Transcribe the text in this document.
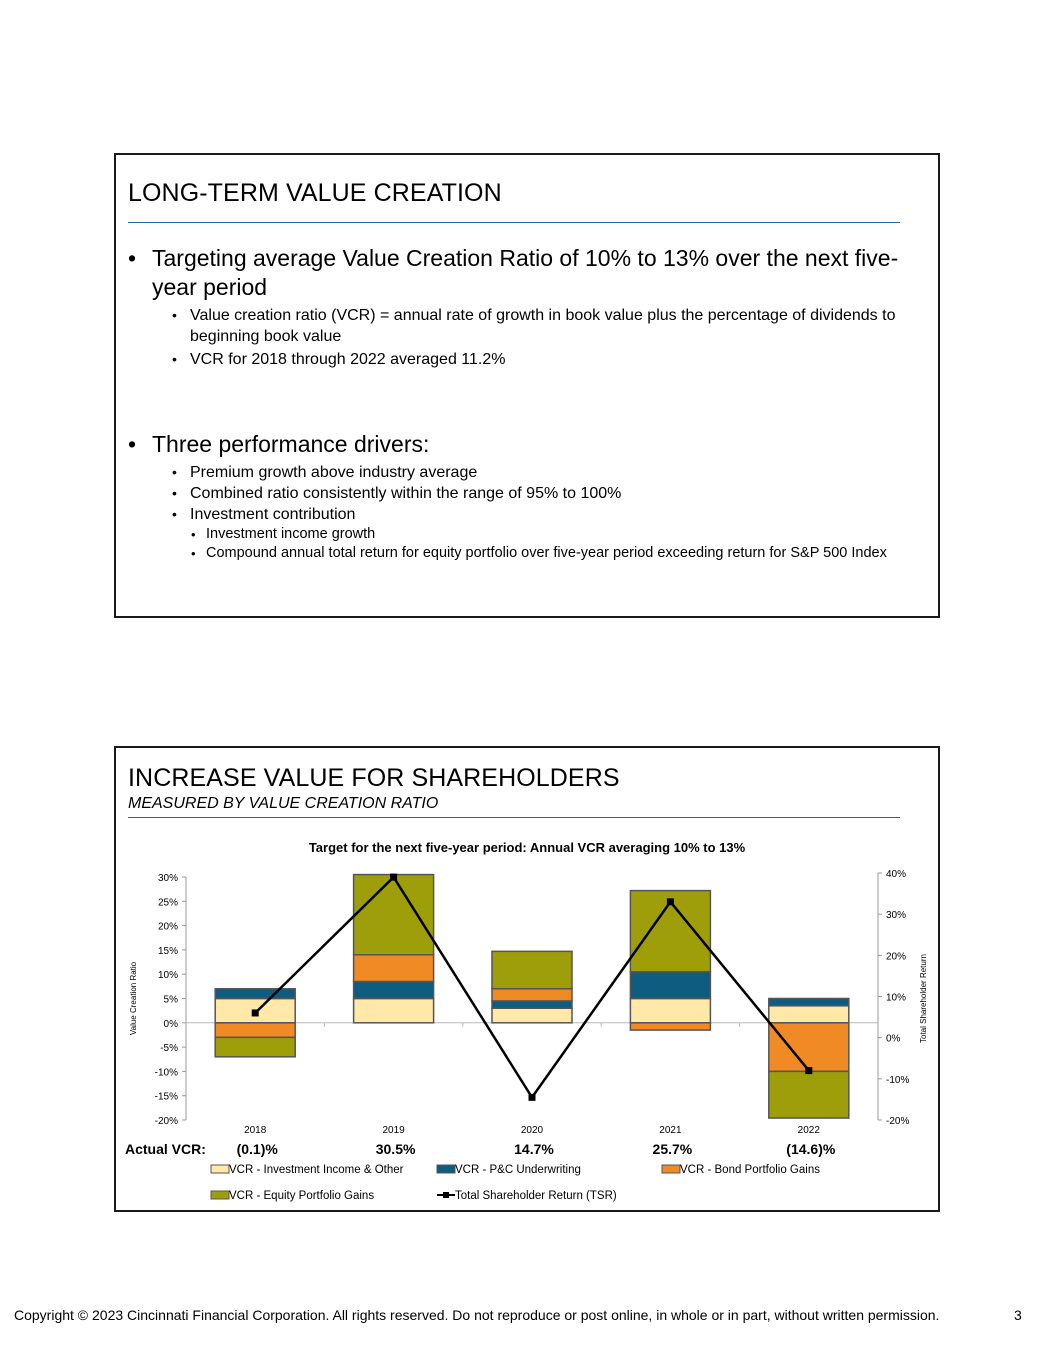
LONG-TERM VALUE CREATION
• Targeting average Value Creation Ratio of 10% to 13% over the next five-year period
• Value creation ratio (VCR) = annual rate of growth in book value plus the percentage of dividends to beginning book value
• VCR for 2018 through 2022 averaged 11.2%
• Three performance drivers:
• Premium growth above industry average
• Combined ratio consistently within the range of 95% to 100%
• Investment contribution
• Investment income growth
• Compound annual total return for equity portfolio over five-year period exceeding return for S&P 500 Index
INCREASE VALUE FOR SHAREHOLDERS
MEASURED BY VALUE CREATION RATIO
Target for the next five-year period: Annual VCR averaging 10% to 13%
30%
25%
20%
15%
10%
5%
0%
-5%
-10%
-15%
-20%
Value Creation Ratio
40%
30%
20%
10%
0%
-10%
-20%
Total Shareholder Return
2018	2019	2020	2021	2022
Actual VCR: (0.1)%	30.5%	14.7%	25.7%	(14.6)%
VCR - Investment Income & Other	VCR - P&C Underwriting	VCR - Bond Portfolio Gains
VCR - Equity Portfolio Gains	Total Shareholder Return (TSR)
Copyright © 2023 Cincinnati Financial Corporation. All rights reserved. Do not reproduce or post online, in whole or in part, without written permission.	3
